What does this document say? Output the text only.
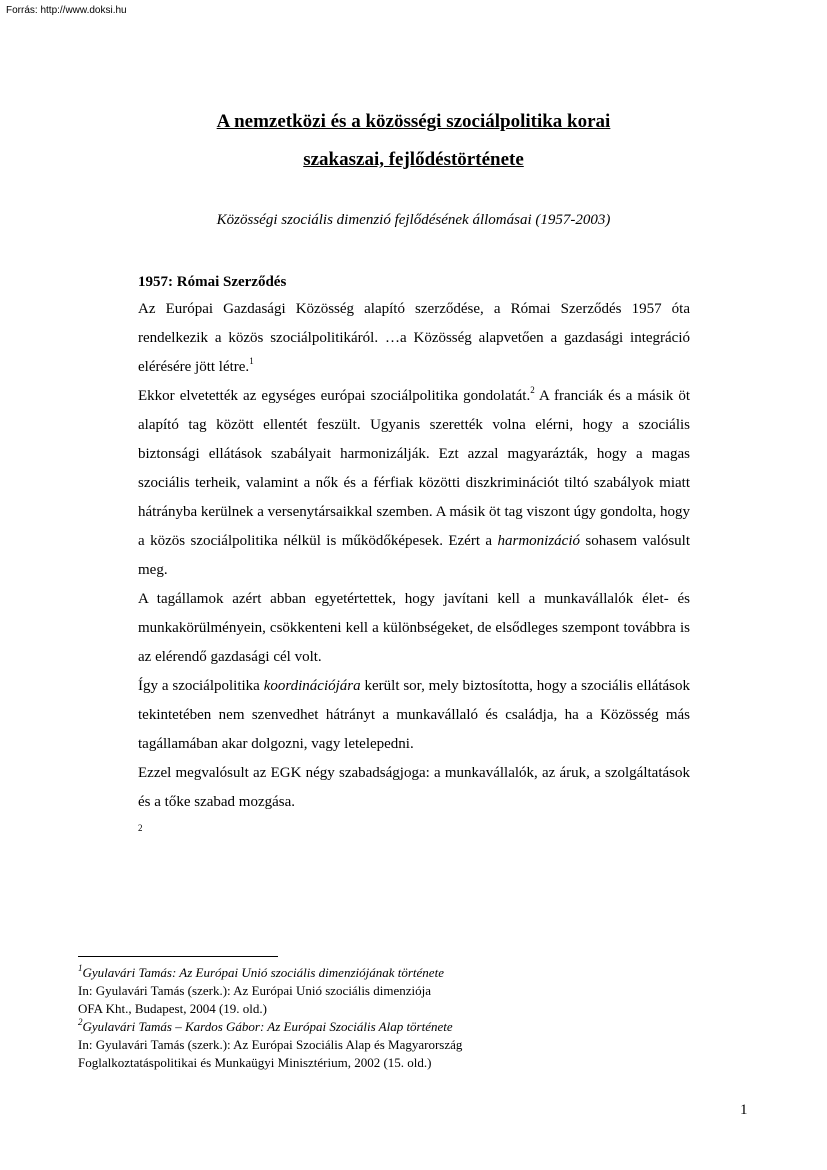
Forrás: http://www.doksi.hu
A nemzetközi és a közösségi szociálpolitika korai
szakaszai, fejlődéstörténete

Közösségi szociális dimenzió fejlődésének állomásai (1957-2003)

1957: Római Szerződés

Az Európai Gazdasági Közösség alapító szerződése, a Római Szerződés 1957 óta rendelkezik a közös szociálpolitikáról. …a Közösség alapvetően a gazdasági integráció elérésére jött létre.$^1$

Ekkor elvetették az egységes európai szociálpolitika gondolatát.$^2$ A franciák és a másik öt alapító tag között ellentét feszült. Ugyanis szerették volna elérni, hogy a szociális biztonsági ellátások szabályait harmonizálják. Ezt azzal magyarázták, hogy a magas szociális terheik, valamint a nők és a férfiak közötti diszkriminációt tiltó szabályok miatt hátrányba kerülnek a versenytársaikkal szemben. A másik öt tag viszont úgy gondolta, hogy a közös szociálpolitika nélkül is működőképesek. Ezért a harmonizáció sohasem valósult meg.

A tagállamok azért abban egyetértettek, hogy javítani kell a munkavállalók élet- és munkakörülményein, csökkenteni kell a különbségeket, de elsődleges szempont továbbra is az elérendő gazdasági cél volt.

Így a szociálpolitika koordinációjára került sor, mely biztosította, hogy a szociális ellátások tekintetében nem szenvedhet hátrányt a munkavállaló és családja, ha a Közösség más tagállamában akar dolgozni, vagy letelepedni.

Ezzel megvalósult az EGK négy szabadságjoga: a munkavállalók, az áruk, a szolgáltatások és a tőke szabad mozgása.

2
$^1$Gyulavári Tamás: Az Európai Unió szociális dimenziójának története
In: Gyulavári Tamás (szerk.): Az Európai Unió szociális dimenziója
OFA Kht., Budapest, 2004 (19. old.)
$^2$Gyulavári Tamás – Kardos Gábor: Az Európai Szociális Alap története
In: Gyulavári Tamás (szerk.): Az Európai Szociális Alap és Magyarország
Foglalkoztatáspolitikai és Munkaügyi Minisztérium, 2002 (15. old.)
1
